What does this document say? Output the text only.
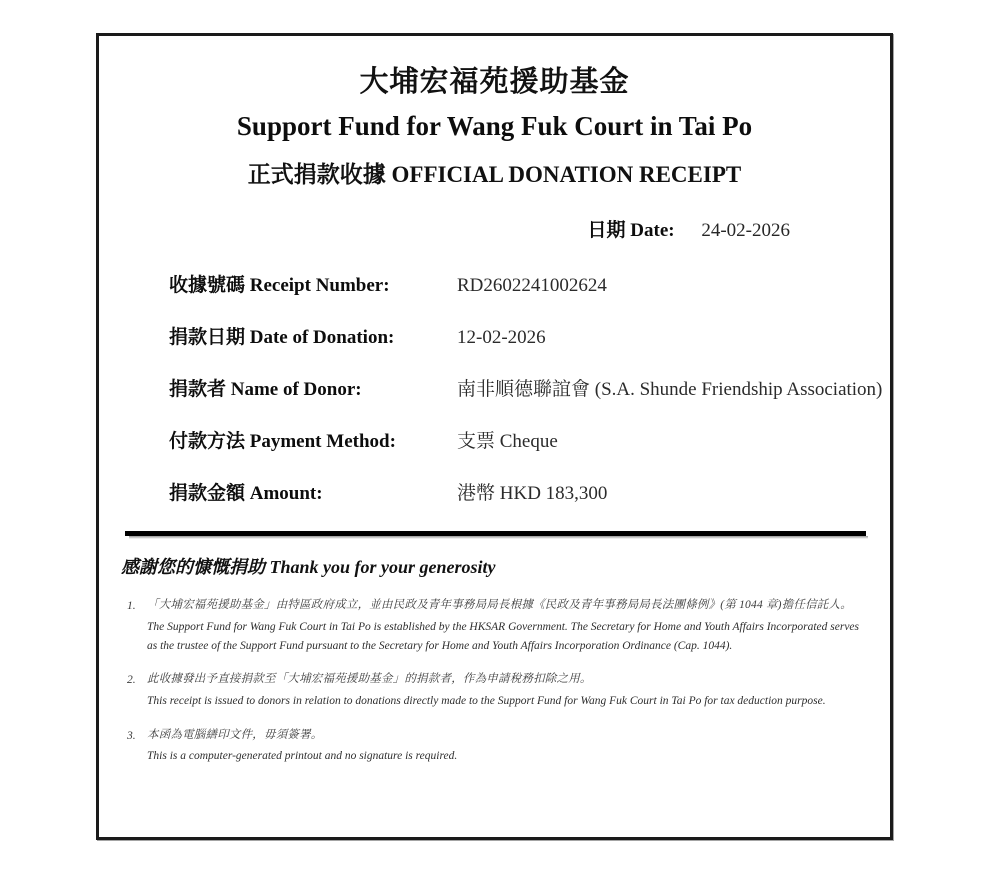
大埔宏福苑援助基金
Support Fund for Wang Fuk Court in Tai Po
正式捐款收據 OFFICIAL DONATION RECEIPT
日期 Date: 24-02-2026
收據號碼 Receipt Number:	RD2602241002624
捐款日期 Date of Donation:	12-02-2026
捐款者 Name of Donor:	南非順德聯誼會 (S.A. Shunde Friendship Association)
付款方法 Payment Method:	支票 Cheque
捐款金額 Amount:	港幣 HKD 183,300
感謝您的慷慨捐助 Thank you for your generosity
1. 「大埔宏福苑援助基金」由特區政府成立，並由民政及青年事務局局長根據《民政及青年事務局局長法團條例》(第 1044 章)擔任信託人。
The Support Fund for Wang Fuk Court in Tai Po is established by the HKSAR Government. The Secretary for Home and Youth Affairs Incorporated serves as the trustee of the Support Fund pursuant to the Secretary for Home and Youth Affairs Incorporation Ordinance (Cap. 1044).
2. 此收據發出予直接捐款至「大埔宏福苑援助基金」的捐款者，作為申請稅務扣除之用。
This receipt is issued to donors in relation to donations directly made to the Support Fund for Wang Fuk Court in Tai Po for tax deduction purpose.
3. 本函為電腦繕印文件，毋須簽署。
This is a computer-generated printout and no signature is required.
